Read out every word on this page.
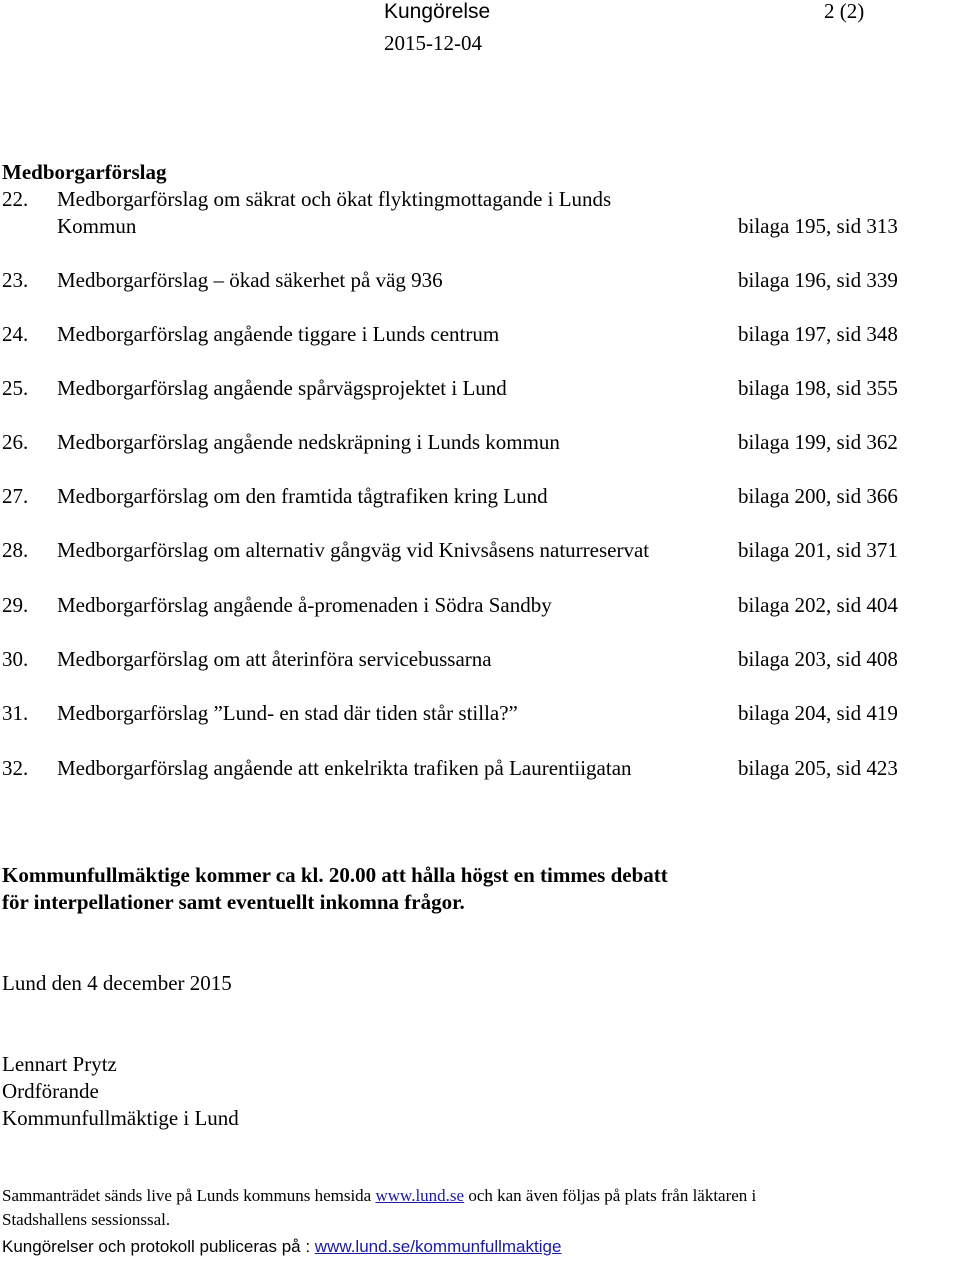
Kungörelse	2 (2)
2015-12-04
Medborgarförslag
22. Medborgarförslag om säkrat och ökat flyktingmottagande i Lunds
Kommun	bilaga 195, sid 313
23. Medborgarförslag – ökad säkerhet på väg 936	bilaga 196, sid 339
24. Medborgarförslag angående tiggare i Lunds centrum	bilaga 197, sid 348
25. Medborgarförslag angående spårvägsprojektet i Lund	bilaga 198, sid 355
26. Medborgarförslag angående nedskräpning i Lunds kommun	bilaga 199, sid 362
27. Medborgarförslag om den framtida tågtrafiken kring Lund	bilaga 200, sid 366
28. Medborgarförslag om alternativ gångväg vid Knivsåsens naturreservat	bilaga 201, sid 371
29. Medborgarförslag angående å-promenaden i Södra Sandby	bilaga 202, sid 404
30. Medborgarförslag om att återinföra servicebussarna	bilaga 203, sid 408
31. Medborgarförslag ”Lund- en stad där tiden står stilla?”	bilaga 204, sid 419
32. Medborgarförslag angående att enkelrikta trafiken på Laurentiigatan	bilaga 205, sid 423
Kommunfullmäktige kommer ca kl. 20.00 att hålla högst en timmes debatt
för interpellationer samt eventuellt inkomna frågor.
Lund den 4 december 2015
Lennart Prytz
Ordförande
Kommunfullmäktige i Lund
Sammanträdet sänds live på Lunds kommuns hemsida www.lund.se och kan även följas på plats från läktaren i
Stadshallens sessionssal.
Kungörelser och protokoll publiceras på : www.lund.se/kommunfullmaktige
